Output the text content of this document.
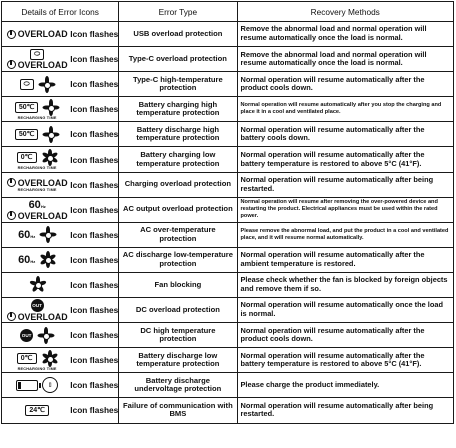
Details of Error Icons	Error Type	Recovery Methods

OVERLOAD Icon flashes	USB overload protection	Remove the abnormal load and normal operation will resume automatically once the load is normal.

⬭
OVERLOAD
Icon flashes	Type-C overload protection	Remove the abnormal load and normal operation will resume automatically once the load is normal.

⬭ Icon flashes	Type-C high-temperature protection	Normal operation will resume automatically after the product cools down.

50℃
RECHARGING TIME
Icon flashes	Battery charging high temperature protection	Normal operation will resume automatically after you stop the charging and place it in a cool and ventilated place.

50℃ Icon flashes	Battery discharge high temperature protection	Normal operation will resume automatically after the battery cools down.

0℃
RECHARGING TIME
Icon flashes	Battery charging low temperature protection	Normal operation will resume automatically after the battery temperature is restored to above 5°C (41°F).

OVERLOAD
RECHARGING TIME Icon flashes	Charging overload protection	Normal operation will resume automatically after being restarted.

60Hz
OVERLOAD
Icon flashes	AC output overload protection	Normal operation will resume after removing the over-powered device and restarting the product. Electrical appliances must be used within the rated power.

60Hz Icon flashes	AC over-temperature protection	Please remove the abnormal load, and put the product in a cool and ventilated place, and it will resume normal automatically.

60Hz Icon flashes	AC discharge low-temperature protection	Normal operation will resume automatically after the ambient temperature is restored.

Icon flashes	Fan blocking	Please check whether the fan is blocked by foreign objects and remove them if so.

OUT
OVERLOAD
Icon flashes	DC overload protection	Normal operation will resume automatically once the load is normal.

OUT Icon flashes	DC high temperature protection	Normal operation will resume automatically after the product cools down.

0℃
RECHARGING TIME
Icon flashes	Battery discharge low temperature protection	Normal operation will resume automatically after the battery temperature is restored to above 5°C (41°F).

▯ Icon flashes	Battery discharge undervoltage protection	Please charge the product immediately.

24℃ Icon flashes	Failure of communication with BMS	Normal operation will resume automatically after being restarted.
